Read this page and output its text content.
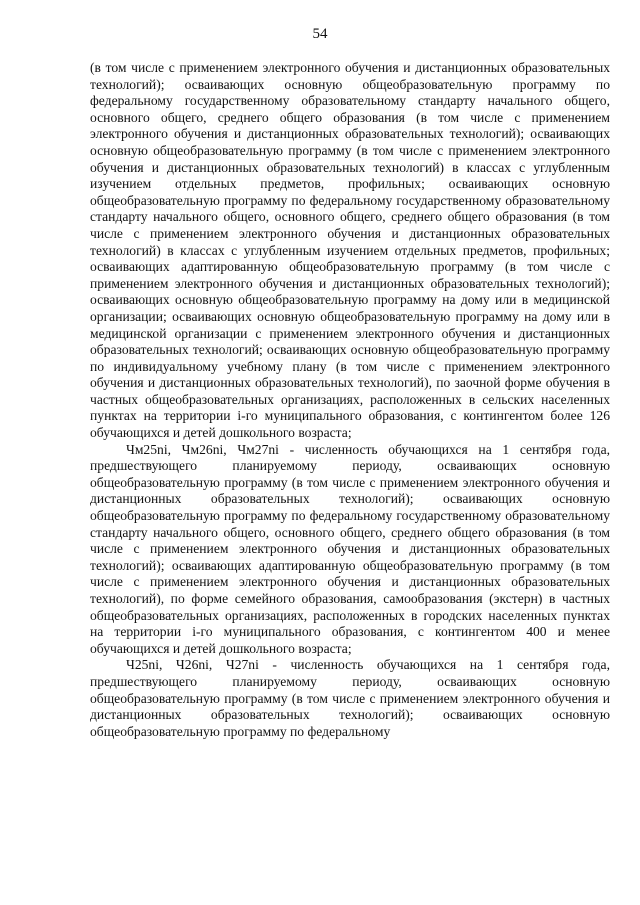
54

(в том числе с применением электронного обучения и дистанционных образовательных технологий); осваивающих основную общеобразовательную программу по федеральному государственному образовательному стандарту начального общего, основного общего, среднего общего образования (в том числе с применением электронного обучения и дистанционных образовательных технологий); осваивающих основную общеобразовательную программу (в том числе с применением электронного обучения и дистанционных образовательных технологий) в классах с углубленным изучением отдельных предметов, профильных; осваивающих основную общеобразовательную программу по федеральному государственному образовательному стандарту начального общего, основного общего, среднего общего образования (в том числе с применением электронного обучения и дистанционных образовательных технологий) в классах с углубленным изучением отдельных предметов, профильных; осваивающих адаптированную общеобразовательную программу (в том числе с применением электронного обучения и дистанционных образовательных технологий); осваивающих основную общеобразовательную программу на дому или в медицинской организации; осваивающих основную общеобразовательную программу на дому или в медицинской организации с применением электронного обучения и дистанционных образовательных технологий; осваивающих основную общеобразовательную программу по индивидуальному учебному плану (в том числе с применением электронного обучения и дистанционных образовательных технологий), по заочной форме обучения в частных общеобразовательных организациях, расположенных в сельских населенных пунктах на территории i-го муниципального образования, с контингентом более 126 обучающихся и детей дошкольного возраста;

Чм25ni, Чм26ni, Чм27ni - численность обучающихся на 1 сентября года, предшествующего планируемому периоду, осваивающих основную общеобразовательную программу (в том числе с применением электронного обучения и дистанционных образовательных технологий); осваивающих основную общеобразовательную программу по федеральному государственному образовательному стандарту начального общего, основного общего, среднего общего образования (в том числе с применением электронного обучения и дистанционных образовательных технологий); осваивающих адаптированную общеобразовательную программу (в том числе с применением электронного обучения и дистанционных образовательных технологий), по форме семейного образования, самообразования (экстерн) в частных общеобразовательных организациях, расположенных в городских населенных пунктах на территории i-го муниципального образования, с контингентом 400 и менее обучающихся и детей дошкольного возраста;

Ч25ni, Ч26ni, Ч27ni - численность обучающихся на 1 сентября года, предшествующего планируемому периоду, осваивающих основную общеобразовательную программу (в том числе с применением электронного обучения и дистанционных образовательных технологий); осваивающих основную общеобразовательную программу по федеральному
